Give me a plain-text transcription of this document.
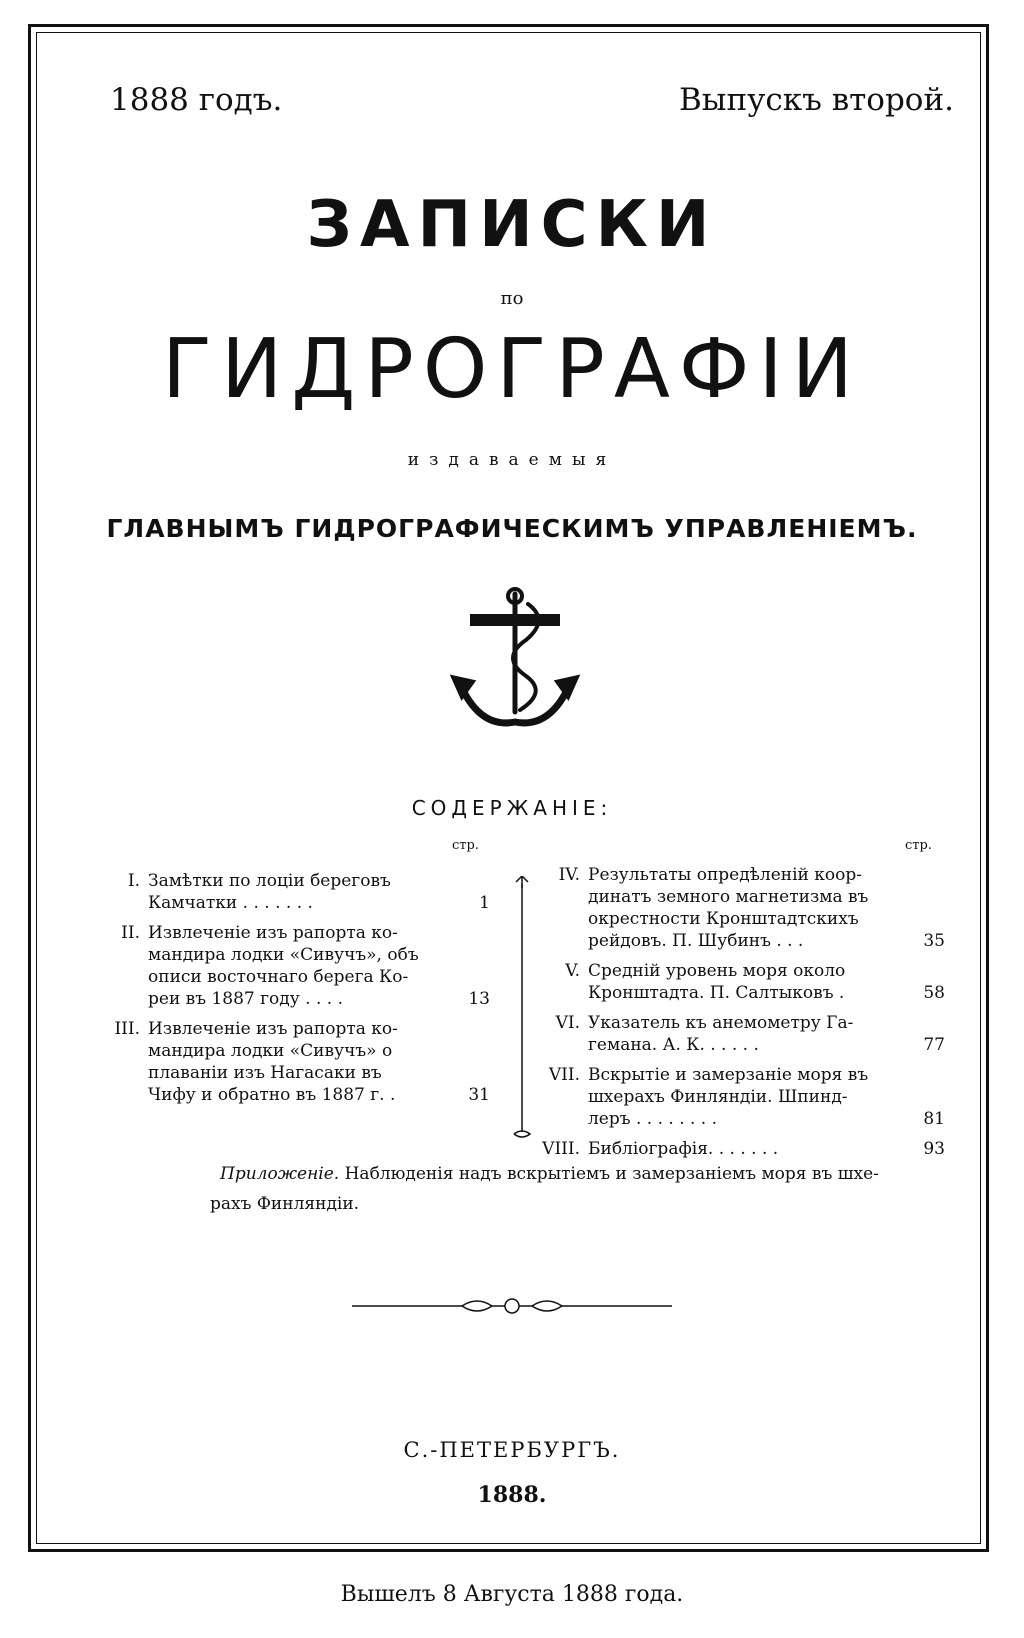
1888 годъ.	Выпускъ второй.
ЗАПИСКИ
по
ГИДРОГРАФІИ
издаваемыя
ГЛАВНЫМЪ ГИДРОГРАФИЧЕСКИМЪ УПРАВЛЕНІЕМЪ.
СОДЕРЖАНІЕ:
стр.	стр.
I. Замѣтки по лоціи береговъ
Камчатки . . . . . . .	1
II. Извлеченіе изъ рапорта ко-
мандира лодки «Сивучъ», объ
описи восточнаго берега Ко-
реи въ 1887 году . . . .	13
III. Извлеченіе изъ рапорта ко-
мандира лодки «Сивучъ» о
плаваніи изъ Нагасаки въ
Чифу и обратно въ 1887 г. .	31
IV. Результаты опредѣленій коор-
динатъ земного магнетизма въ
окрестности Кронштадтскихъ
рейдовъ. П. Шубинъ . . .	35
V. Средній уровень моря около
Кронштадта. П. Салтыковъ .	58
VI. Указатель къ анемометру Га-
гемана. А. К. . . . . .	77
VII. Вскрытіе и замерзаніе моря въ
шхерахъ Финляндіи. Шпинд-
леръ . . . . . . . .	81
VIII. Библіографія. . . . . . .	93
Приложеніе. Наблюденія надъ вскрытіемъ и замерзаніемъ моря въ шхе-
рахъ Финляндіи.
С.-ПЕТЕРБУРГЪ.
1888.
Вышелъ 8 Августа 1888 года.
